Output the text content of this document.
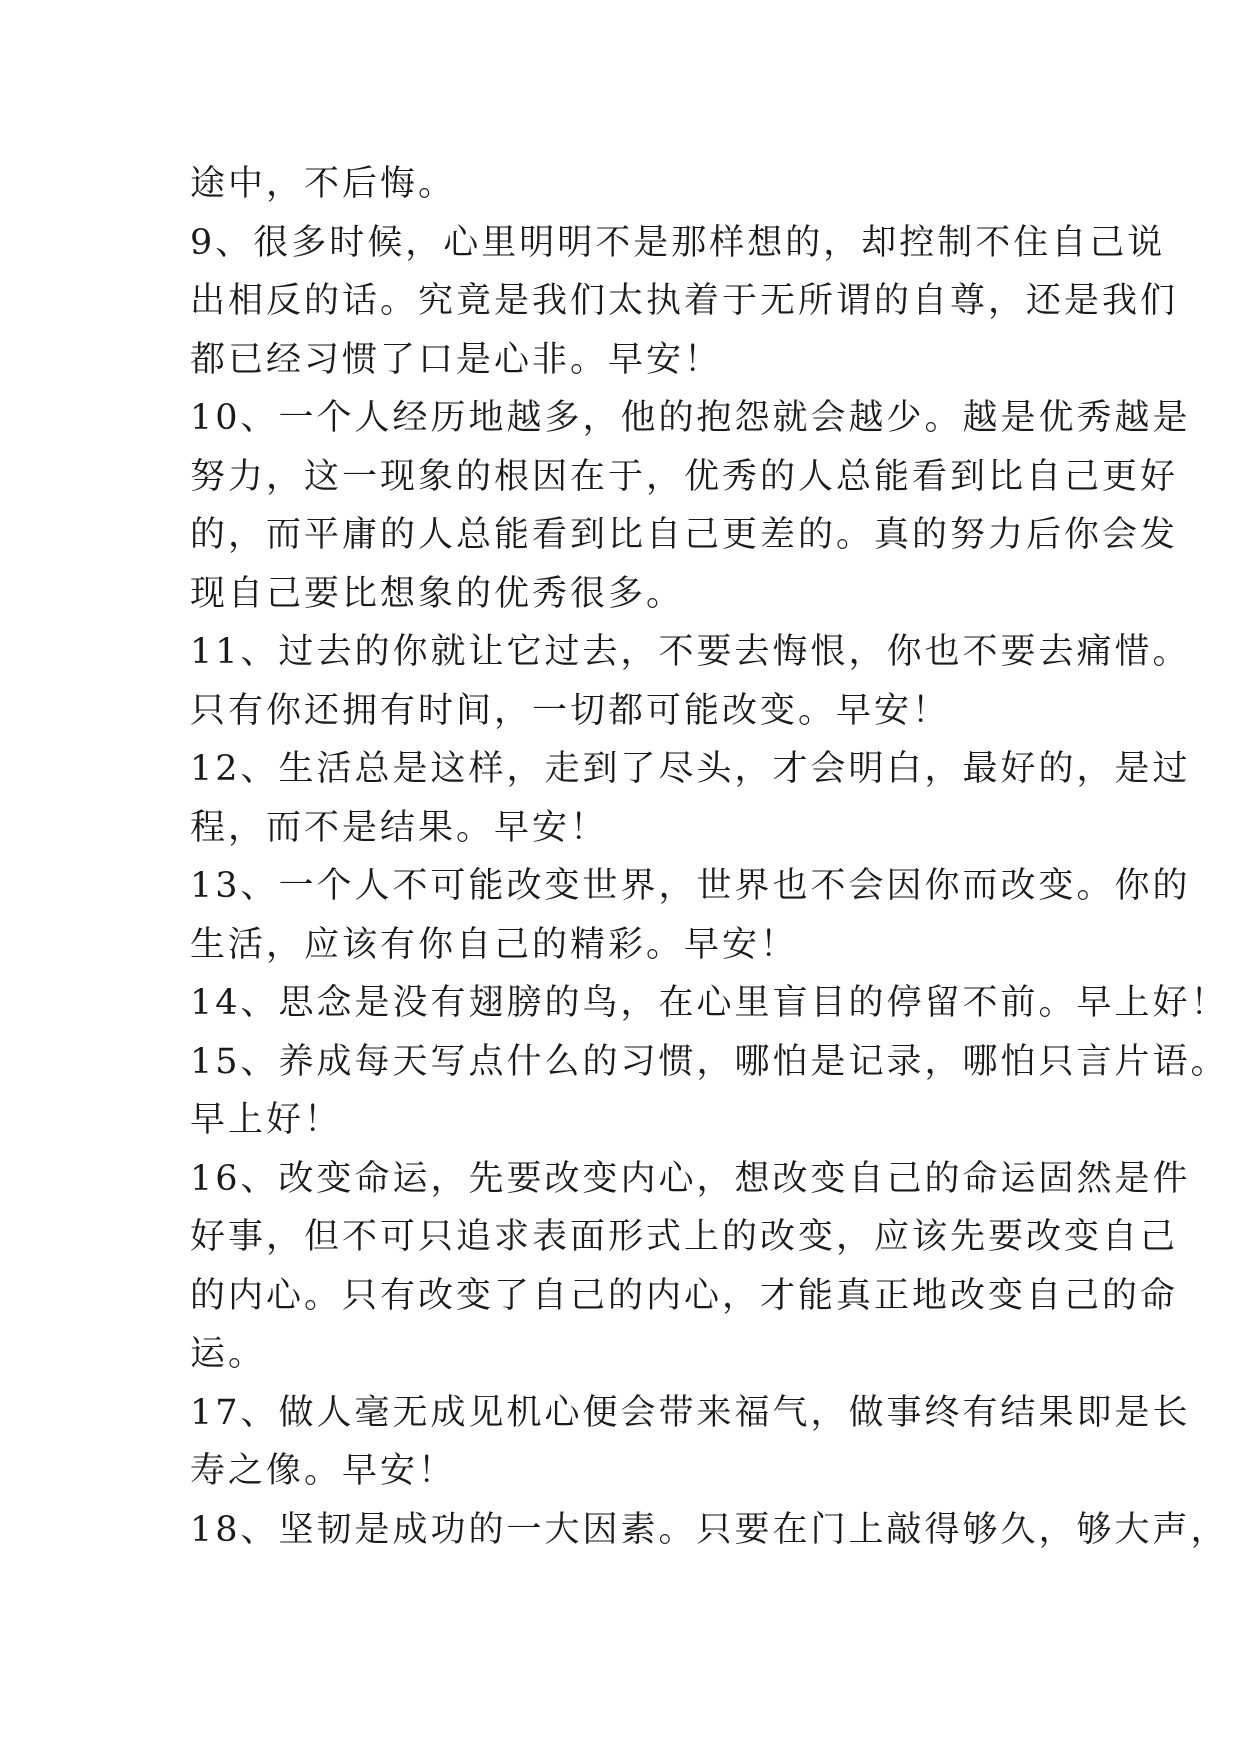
途中，不后悔。
9、很多时候，心里明明不是那样想的，却控制不住自己说
出相反的话。究竟是我们太执着于无所谓的自尊，还是我们
都已经习惯了口是心非。早安！
10、一个人经历地越多，他的抱怨就会越少。越是优秀越是
努力，这一现象的根因在于，优秀的人总能看到比自己更好
的，而平庸的人总能看到比自己更差的。真的努力后你会发
现自己要比想象的优秀很多。
11、过去的你就让它过去，不要去悔恨，你也不要去痛惜。
只有你还拥有时间，一切都可能改变。早安！
12、生活总是这样，走到了尽头，才会明白，最好的，是过
程，而不是结果。早安！
13、一个人不可能改变世界，世界也不会因你而改变。你的
生活，应该有你自己的精彩。早安！
14、思念是没有翅膀的鸟，在心里盲目的停留不前。早上好！
15、养成每天写点什么的习惯，哪怕是记录，哪怕只言片语。
早上好！
16、改变命运，先要改变内心，想改变自己的命运固然是件
好事，但不可只追求表面形式上的改变，应该先要改变自己
的内心。只有改变了自己的内心，才能真正地改变自己的命
运。
17、做人毫无成见机心便会带来福气，做事终有结果即是长
寿之像。早安！
18、坚韧是成功的一大因素。只要在门上敲得够久，够大声，
